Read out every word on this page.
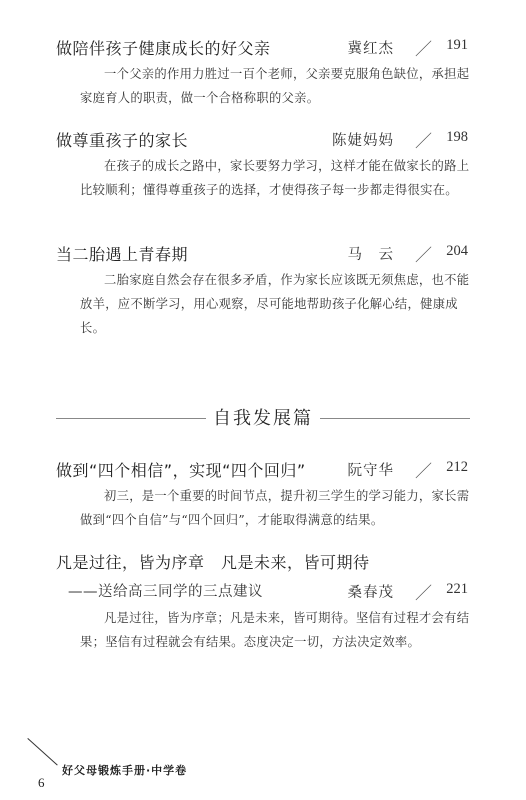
做陪伴孩子健康成长的好父亲	冀红杰 ／ 191

一个父亲的作用力胜过一百个老师，父亲要克服角色缺位，承担起家庭育人的职责，做一个合格称职的父亲。

做尊重孩子的家长	陈婕妈妈 ／ 198

在孩子的成长之路中，家长要努力学习，这样才能在做家长的路上比较顺利；懂得尊重孩子的选择，才使得孩子每一步都走得很实在。

当二胎遇上青春期	马　云 ／ 204

二胎家庭自然会存在很多矛盾，作为家长应该既无须焦虑，也不能放羊，应不断学习，用心观察，尽可能地帮助孩子化解心结，健康成长。

自我发展篇
做到“四个相信”，实现“四个回归”	阮守华 ／ 212

初三，是一个重要的时间节点，提升初三学生的学习能力，家长需做到“四个自信”与“四个回归”，才能取得满意的结果。

凡是过往，皆为序章　凡是未来，皆可期待
——送给高三同学的三点建议	桑春茂 ／ 221

凡是过往，皆为序章；凡是未来，皆可期待。坚信有过程才会有结果；坚信有过程就会有结果。态度决定一切，方法决定效率。

好父母锻炼手册·中学卷
6
